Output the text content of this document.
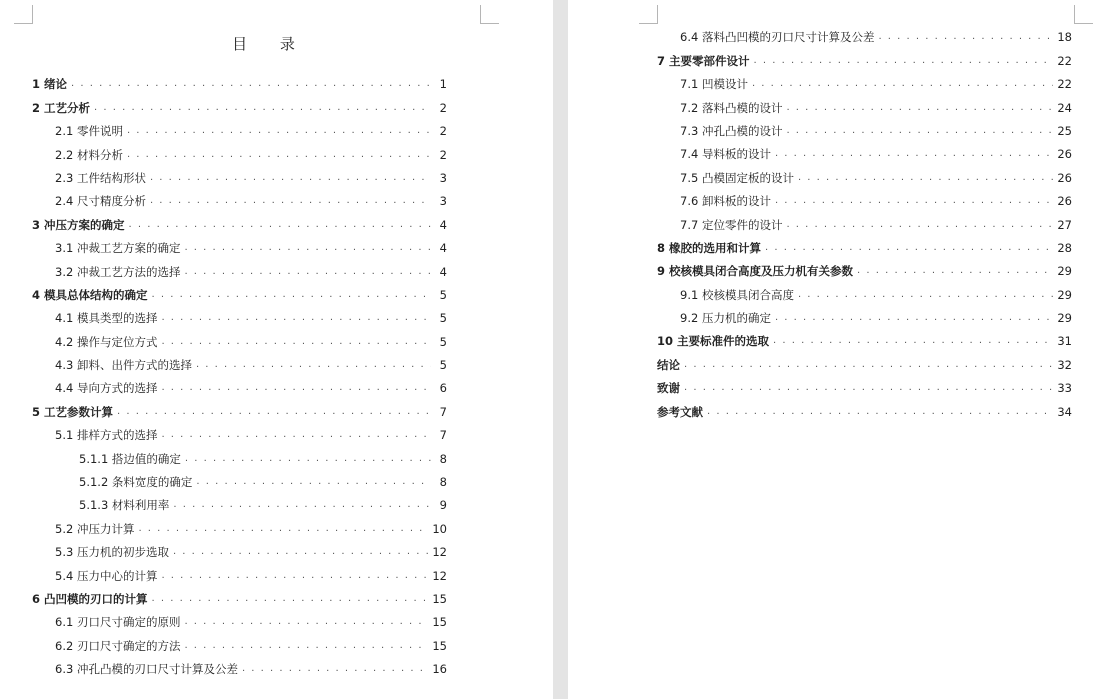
目 录
1 绪论 . . .	1
2 工艺分析 . . .	2
2.1 零件说明 . . .	2
2.2 材料分析 . . .	2
2.3 工件结构形状 . . .	3
2.4 尺寸精度分析 . . .	3
3 冲压方案的确定 . . .	4
3.1 冲裁工艺方案的确定 . . .	4
3.2 冲裁工艺方法的选择 . . .	4
4 模具总体结构的确定 . . .	5
4.1 模具类型的选择 . . .	5
4.2 操作与定位方式 . . .	5
4.3 卸料、出件方式的选择 . . .	5
4.4 导向方式的选择 . . .	6
5 工艺参数计算 . . .	7
5.1 排样方式的选择 . . .	7
5.1.1 搭边值的确定 . . .	8
5.1.2 条料宽度的确定 . . .	8
5.1.3 材料利用率 . . .	9
5.2 冲压力计算 . . .	10
5.3 压力机的初步选取 . . .	12
5.4 压力中心的计算 . . .	12
6 凸凹模的刃口的计算 . . .	15
6.1 刃口尺寸确定的原则 . . .	15
6.2 刃口尺寸确定的方法 . . .	15
6.3 冲孔凸模的刃口尺寸计算及公差 . . .	16
6.4 落料凸凹模的刃口尺寸计算及公差 . . .	18
7 主要零部件设计 . . .	22
7.1 凹模设计 . . .	22
7.2 落料凸模的设计 . . .	24
7.3 冲孔凸模的设计 . . .	25
7.4 导料板的设计 . . .	26
7.5 凸模固定板的设计 . . .	26
7.6 卸料板的设计 . . .	26
7.7 定位零件的设计 . . .	27
8 橡胶的选用和计算 . . .	28
9 校核模具闭合高度及压力机有关参数 . . .	29
9.1 校核模具闭合高度 . . .	29
9.2 压力机的确定 . . .	29
10 主要标准件的选取 . . .	31
结论 . . .	32
致谢 . . .	33
参考文献 . . .	34
